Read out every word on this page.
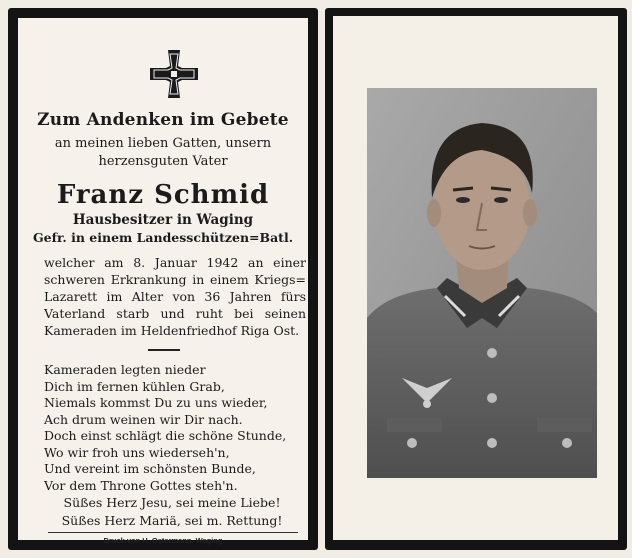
Zum Andenken im Gebete
an meinen lieben Gatten, unsern
herzensguten Vater
Franz Schmid
Hausbesitzer in Waging
Gefr. in einem Landesschützen=Batl.
welcher am 8. Januar 1942 an einer
schweren Erkrankung in einem Kriegs=
Lazarett im Alter von 36 Jahren fürs
Vaterland starb und ruht bei seinen
Kameraden im Heldenfriedhof Riga Ost.
Kameraden legten nieder
Dich im fernen kühlen Grab,
Niemals kommst Du zu uns wieder,
Ach drum weinen wir Dir nach.
Doch einst schlägt die schöne Stunde,
Wo wir froh uns wiederseh'n,
Und vereint im schönsten Bunde,
Vor dem Throne Gottes steh'n.
Süßes Herz Jesu, sei meine Liebe!
Süßes Herz Mariä, sei m. Rettung!
Druck von H. Ostermann, Waging
